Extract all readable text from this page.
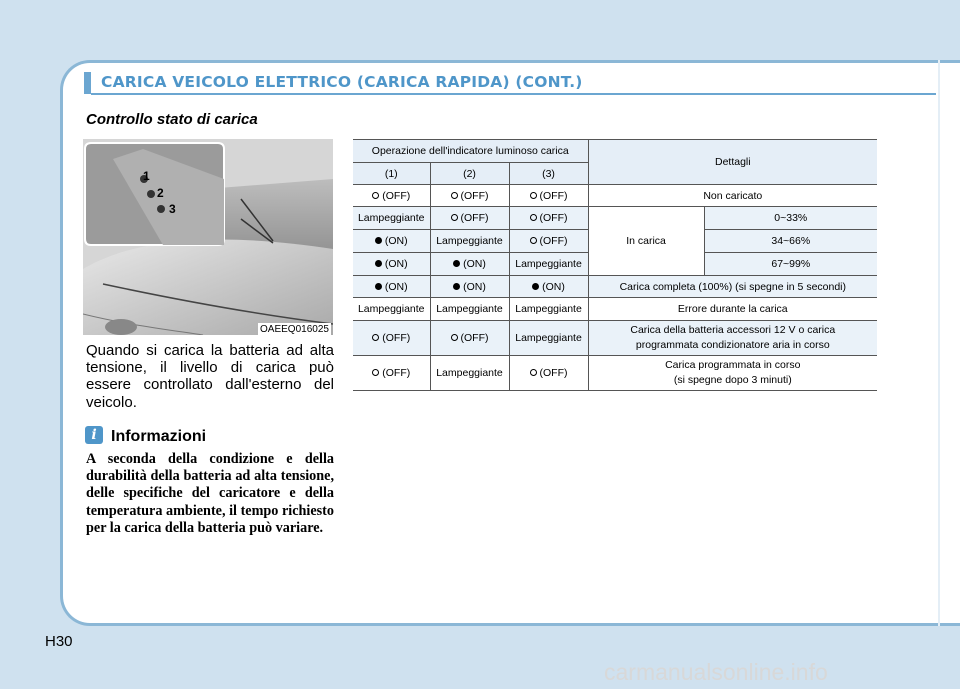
CARICA VEICOLO ELETTRICO (CARICA RAPIDA) (CONT.)
Controllo stato di carica
1
2
3
OAEEQ016025
Quando si carica la batteria ad alta tensione, il livello di carica può essere controllato dall'esterno del veicolo.
i Informazioni
A seconda della condizione e della durabilità della batteria ad alta tensione, delle specifiche del caricatore e della temperatura ambiente, il tempo richiesto per la carica della batteria può variare.
Operazione dell'indicatore luminoso carica			Dettagli	
(1)	(2)	(3)		
(OFF)	(OFF)	(OFF)	Non caricato	
Lampeggiante	(OFF)	(OFF)	In carica	0~33%
(ON)	Lampeggiante	(OFF)		34~66%
(ON)	(ON)	Lampeggiante		67~99%
(ON)	(ON)	(ON)	Carica completa (100%) (si spegne in 5 secondi)	
Lampeggiante	Lampeggiante	Lampeggiante	Errore durante la carica	
(OFF)	(OFF)	Lampeggiante	Carica della batteria accessori 12 V o carica
programmata condizionatore aria in corso	
(OFF)	Lampeggiante	(OFF)	Carica programmata in corso
(si spegne dopo 3 minuti)	
H30
carmanualsonline.info
